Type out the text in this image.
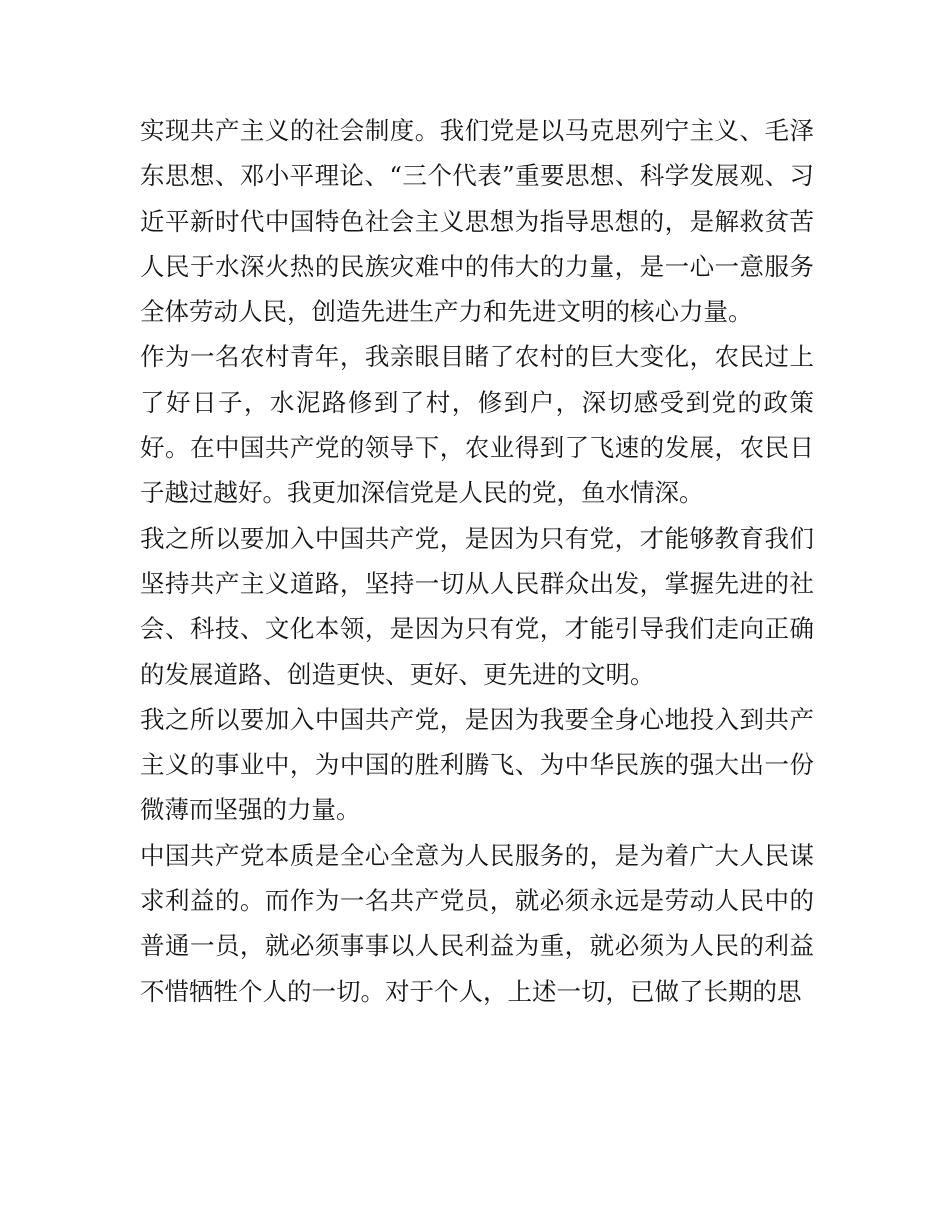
实现共产主义的社会制度。我们党是以马克思列宁主义、毛泽东思想、邓小平理论、“三个代表”重要思想、科学发展观、习近平新时代中国特色社会主义思想为指导思想的，是解救贫苦人民于水深火热的民族灾难中的伟大的力量，是一心一意服务全体劳动人民，创造先进生产力和先进文明的核心力量。

作为一名农村青年，我亲眼目睹了农村的巨大变化，农民过上了好日子，水泥路修到了村，修到户，深切感受到党的政策好。在中国共产党的领导下，农业得到了飞速的发展，农民日子越过越好。我更加深信党是人民的党，鱼水情深。

我之所以要加入中国共产党，是因为只有党，才能够教育我们坚持共产主义道路，坚持一切从人民群众出发，掌握先进的社会、科技、文化本领，是因为只有党，才能引导我们走向正确的发展道路、创造更快、更好、更先进的文明。

我之所以要加入中国共产党，是因为我要全身心地投入到共产主义的事业中，为中国的胜利腾飞、为中华民族的强大出一份微薄而坚强的力量。

中国共产党本质是全心全意为人民服务的，是为着广大人民谋求利益的。而作为一名共产党员，就必须永远是劳动人民中的普通一员，就必须事事以人民利益为重，就必须为人民的利益不惜牺牲个人的一切。对于个人，上述一切，已做了长期的思
